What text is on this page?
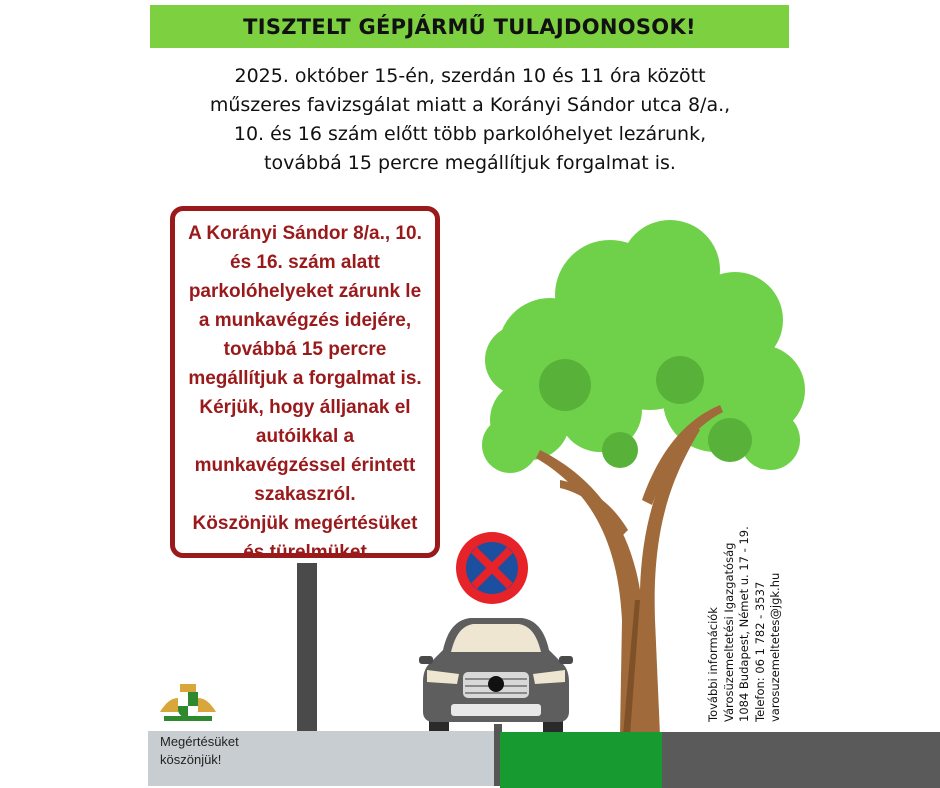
TISZTELT GÉPJÁRMŰ TULAJDONOSOK!
2025. október 15-én, szerdán 10 és 11 óra között
műszeres favizsgálat miatt a Korányi Sándor utca 8/a.,
10. és 16 szám előtt több parkolóhelyet lezárunk,
továbbá 15 percre megállítjuk forgalmat is.
A Korányi Sándor 8/a., 10.
és 16. szám alatt
parkolóhelyeket zárunk le
a munkavégzés idejére,
továbbá 15 percre
megállítjuk a forgalmat is.
Kérjük, hogy álljanak el
autóikkal a
munkavégzéssel érintett
szakaszról.
Köszönjük megértésüket
és türelmüket
Megértésüket
köszönjük!
További információk Városüzemeltetési Igazgatóság 1084 Budapest, Német u. 17 - 19. Telefon: 06 1 782 - 3537 varosuzemeltetes@jgk.hu
